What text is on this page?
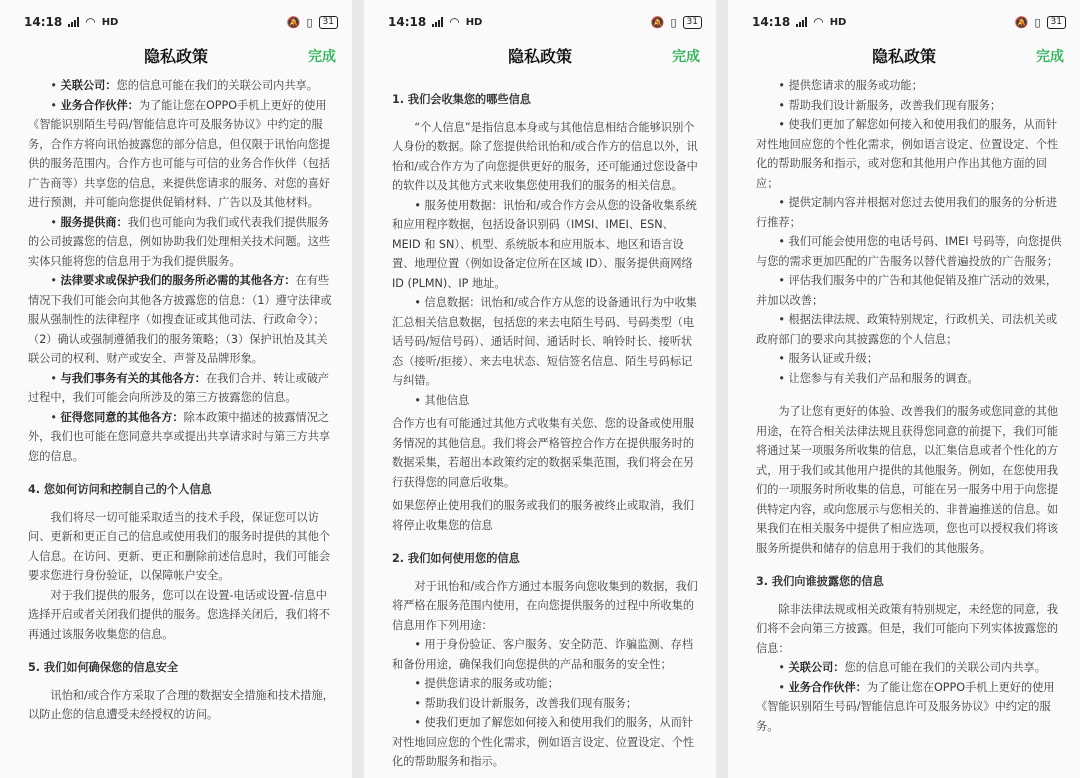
14:18 ◠ HD	🔕 ▯	31
隐私政策	完成

• 关联公司：您的信息可能在我们的关联公司内共享。

• 业务合作伙伴：为了能让您在OPPO手机上更好的使用《智能识别陌生号码/智能信息许可及服务协议》中约定的服务，合作方将向讯怡披露您的部分信息，但仅限于讯怡向您提供的服务范围内。合作方也可能与可信的业务合作伙伴（包括广告商等）共享您的信息，来提供您请求的服务、对您的喜好进行预测，并可能向您提供促销材料、广告以及其他材料。

• 服务提供商：我们也可能向为我们或代表我们提供服务的公司披露您的信息，例如协助我们处理相关技术问题。这些实体只能将您的信息用于为我们提供服务。

• 法律要求或保护我们的服务所必需的其他各方：在有些情况下我们可能会向其他各方披露您的信息：（1）遵守法律或服从强制性的法律程序（如搜查证或其他司法、行政命令）；（2）确认或强制遵循我们的服务策略；（3）保护讯怡及其关联公司的权利、财产或安全、声誉及品牌形象。

• 与我们事务有关的其他各方：在我们合并、转让或破产过程中，我们可能会向所涉及的第三方披露您的信息。

• 征得您同意的其他各方：除本政策中描述的披露情况之外，我们也可能在您同意共享或提出共享请求时与第三方共享您的信息。

4. 您如何访问和控制自己的个人信息

我们将尽一切可能采取适当的技术手段，保证您可以访问、更新和更正自己的信息或使用我们的服务时提供的其他个人信息。在访问、更新、更正和删除前述信息时，我们可能会要求您进行身份验证，以保障帐户安全。

对于我们提供的服务，您可以在设置-电话或设置-信息中选择开启或者关闭我们提供的服务。您选择关闭后，我们将不再通过该服务收集您的信息。

5. 我们如何确保您的信息安全

讯怡和/或合作方采取了合理的数据安全措施和技术措施，以防止您的信息遭受未经授权的访问。

14:18 ◠ HD	🔕 ▯	31
隐私政策	完成
1. 我们会收集您的哪些信息

“个人信息”是指信息本身或与其他信息相结合能够识别个人身份的数据。除了您提供给讯怡和/或合作方的信息以外，讯怡和/或合作方为了向您提供更好的服务，还可能通过您设备中的软件以及其他方式来收集您使用我们的服务的相关信息。

• 服务使用数据：讯怡和/或合作方会从您的设备收集系统和应用程序数据，包括设备识别码（IMSI、IMEI、ESN、MEID 和 SN）、机型、系统版本和应用版本、地区和语言设置、地理位置（例如设备定位所在区域 ID）、服务提供商网络 ID (PLMN)、IP 地址。

• 信息数据：讯怡和/或合作方从您的设备通讯行为中收集汇总相关信息数据，包括您的来去电陌生号码、号码类型（电话号码/短信号码）、通话时间、通话时长、响铃时长、接听状态（接听/拒接）、来去电状态、短信签名信息、陌生号码标记与纠错。

• 其他信息

合作方也有可能通过其他方式收集有关您、您的设备或使用服务情况的其他信息。我们将会严格管控合作方在提供服务时的数据采集，若超出本政策约定的数据采集范围，我们将会在另行获得您的同意后收集。

如果您停止使用我们的服务或我们的服务被终止或取消，我们将停止收集您的信息

2. 我们如何使用您的信息

对于讯怡和/或合作方通过本服务向您收集到的数据，我们将严格在服务范围内使用，在向您提供服务的过程中所收集的信息用作下列用途：

• 用于身份验证、客户服务、安全防范、诈骗监测、存档和备份用途，确保我们向您提供的产品和服务的安全性；

• 提供您请求的服务或功能；

• 帮助我们设计新服务，改善我们现有服务；

• 使我们更加了解您如何接入和使用我们的服务，从而针对性地回应您的个性化需求，例如语言设定、位置设定、个性化的帮助服务和指示。

14:18 ◠ HD	🔕 ▯	31
隐私政策	完成

• 提供您请求的服务或功能；

• 帮助我们设计新服务，改善我们现有服务；

• 使我们更加了解您如何接入和使用我们的服务，从而针对性地回应您的个性化需求，例如语言设定、位置设定、个性化的帮助服务和指示，或对您和其他用户作出其他方面的回应；

• 提供定制内容并根据对您过去使用我们的服务的分析进行推荐；

• 我们可能会使用您的电话号码、IMEI 号码等，向您提供与您的需求更加匹配的广告服务以替代普遍投放的广告服务；

• 评估我们服务中的广告和其他促销及推广活动的效果，并加以改善；

• 根据法律法规、政策特别规定，行政机关、司法机关或政府部门的要求向其披露您的个人信息；

• 服务认证或升级；

• 让您参与有关我们产品和服务的调查。

为了让您有更好的体验、改善我们的服务或您同意的其他用途，在符合相关法律法规且获得您同意的前提下，我们可能将通过某一项服务所收集的信息，以汇集信息或者个性化的方式，用于我们或其他用户提供的其他服务。例如，在您使用我们的一项服务时所收集的信息，可能在另一服务中用于向您提供特定内容，或向您展示与您相关的、非普遍推送的信息。如果我们在相关服务中提供了相应选项，您也可以授权我们将该服务所提供和储存的信息用于我们的其他服务。

3. 我们向谁披露您的信息

除非法律法规或相关政策有特别规定，未经您的同意，我们将不会向第三方披露。但是，我们可能向下列实体披露您的信息：

• 关联公司：您的信息可能在我们的关联公司内共享。

• 业务合作伙伴：为了能让您在OPPO手机上更好的使用《智能识别陌生号码/智能信息许可及服务协议》中约定的服务。
